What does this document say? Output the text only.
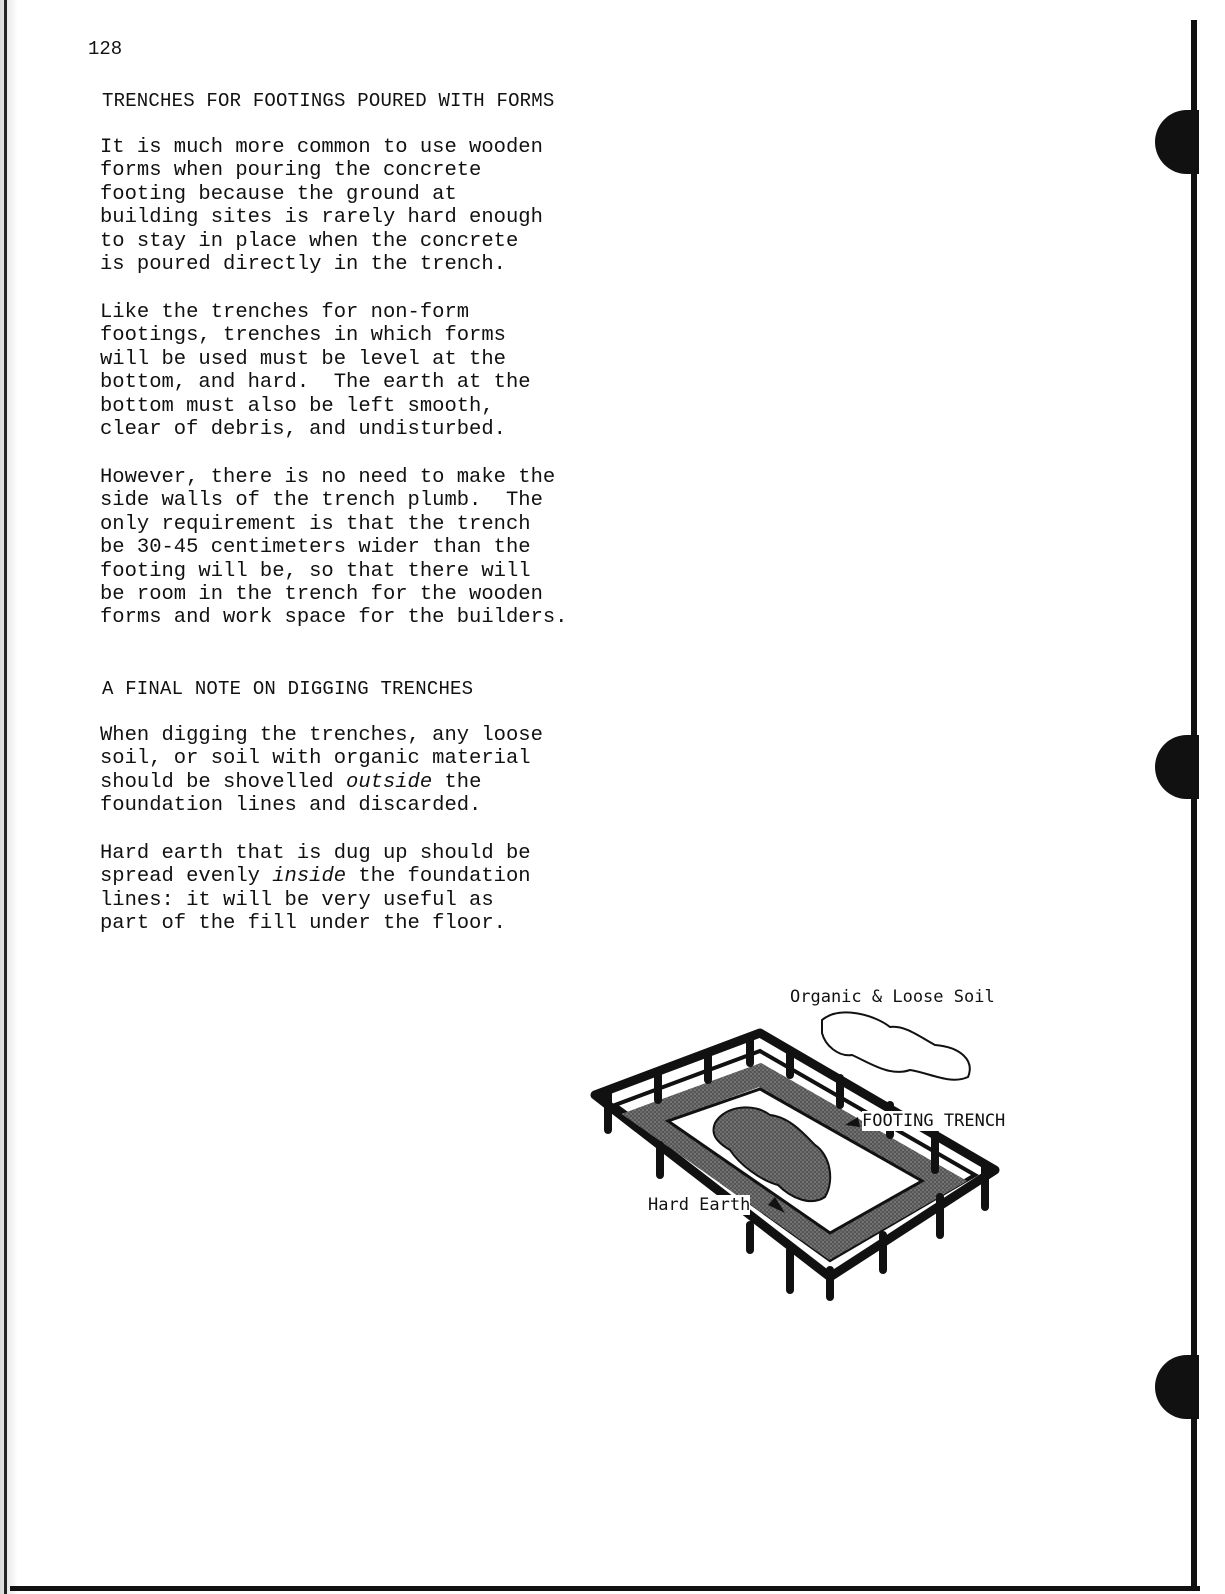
128
TRENCHES FOR FOOTINGS POURED WITH FORMS
It is much more common to use wooden
forms when pouring the concrete
footing because the ground at
building sites is rarely hard enough
to stay in place when the concrete
is poured directly in the trench.
Like the trenches for non-form
footings, trenches in which forms
will be used must be level at the
bottom, and hard.  The earth at the
bottom must also be left smooth,
clear of debris, and undisturbed.
However, there is no need to make the
side walls of the trench plumb.  The
only requirement is that the trench
be 30-45 centimeters wider than the
footing will be, so that there will
be room in the trench for the wooden
forms and work space for the builders.
A FINAL NOTE ON DIGGING TRENCHES
When digging the trenches, any loose
soil, or soil with organic material
should be shovelled outside the
foundation lines and discarded.
Hard earth that is dug up should be
spread evenly inside the foundation
lines: it will be very useful as
part of the fill under the floor.
Organic & Loose Soil
FOOTING TRENCH
Hard Earth
